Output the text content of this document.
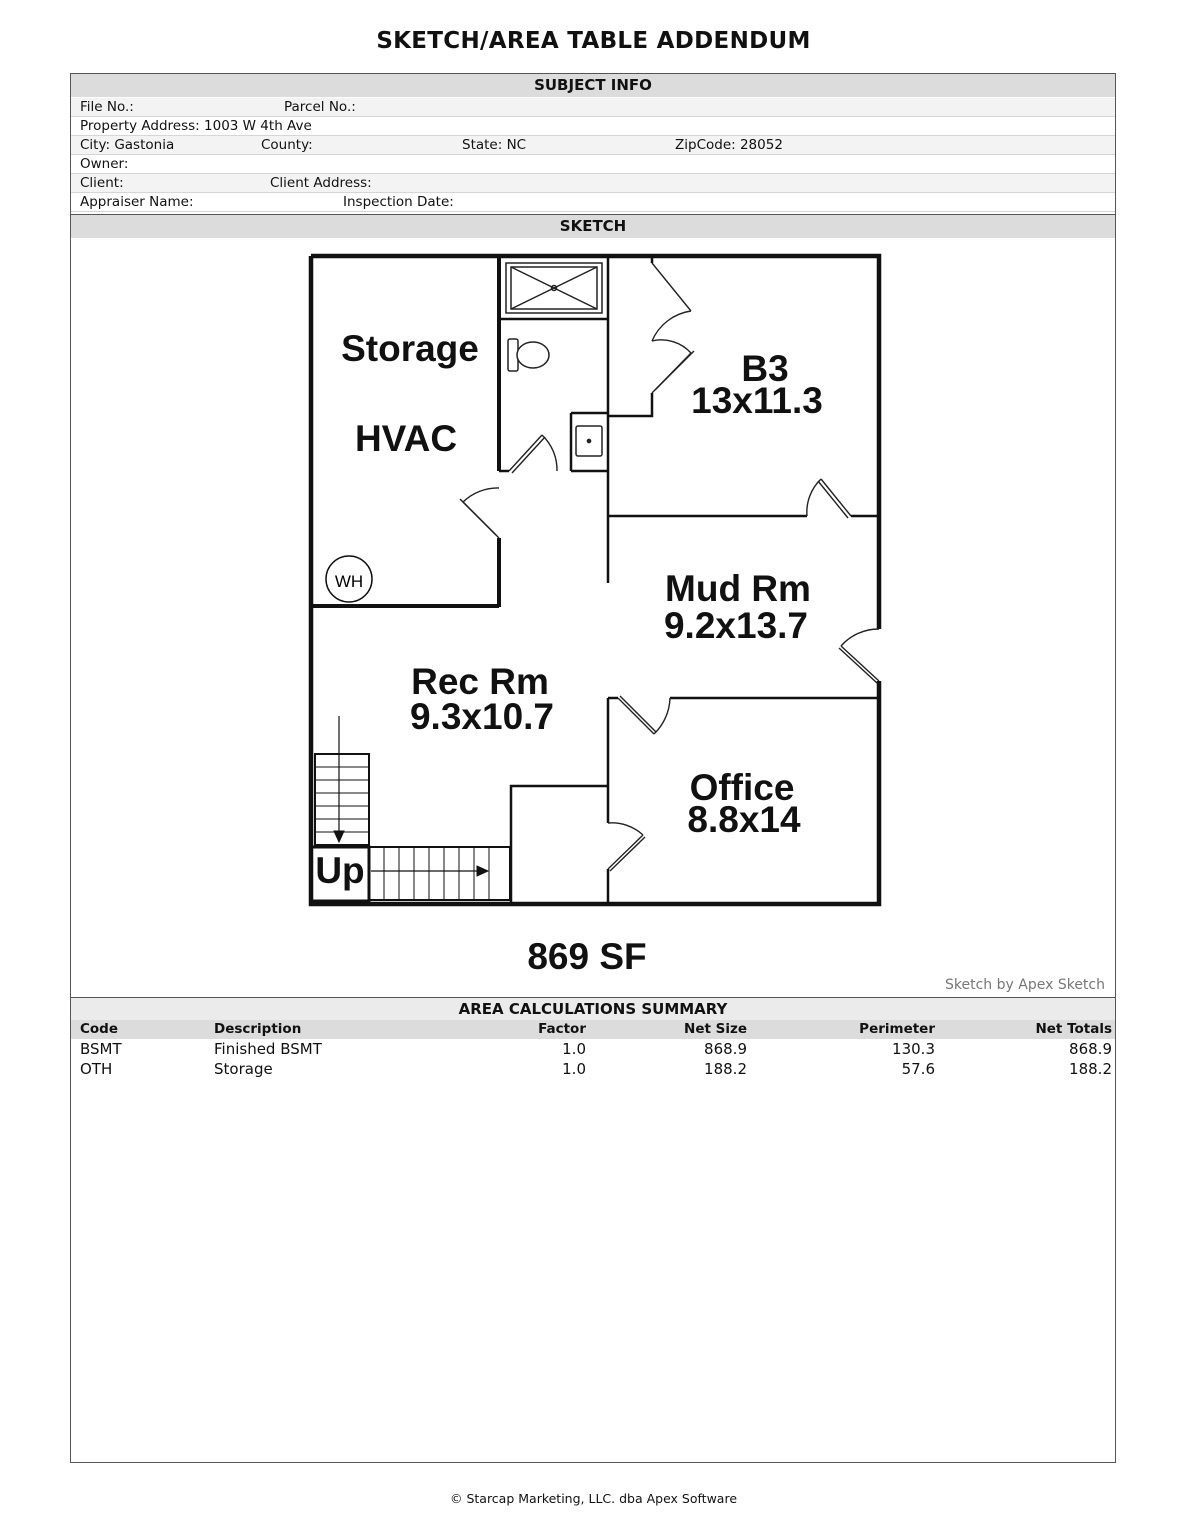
SKETCH/AREA TABLE ADDENDUM
SUBJECT INFO
File No.:	Parcel No.:
Property Address: 1003 W 4th Ave
City: Gastonia	County:	State: NC	ZipCode: 28052
Owner:
Client:	Client Address:
Appraiser Name:	Inspection Date:
SKETCH
WH
Storage
HVAC
B3
13x11.3
Mud Rm
9.2x13.7
Rec Rm
9.3x10.7
Office
8.8x14
Up
869 SF
Sketch by Apex Sketch
AREA CALCULATIONS SUMMARY
Code	Description	Factor	Net Size	Perimeter	Net Totals
BSMT	Finished BSMT	1.0	868.9	130.3	868.9
OTH	Storage	1.0	188.2	57.6	188.2
© Starcap Marketing, LLC. dba Apex Software
